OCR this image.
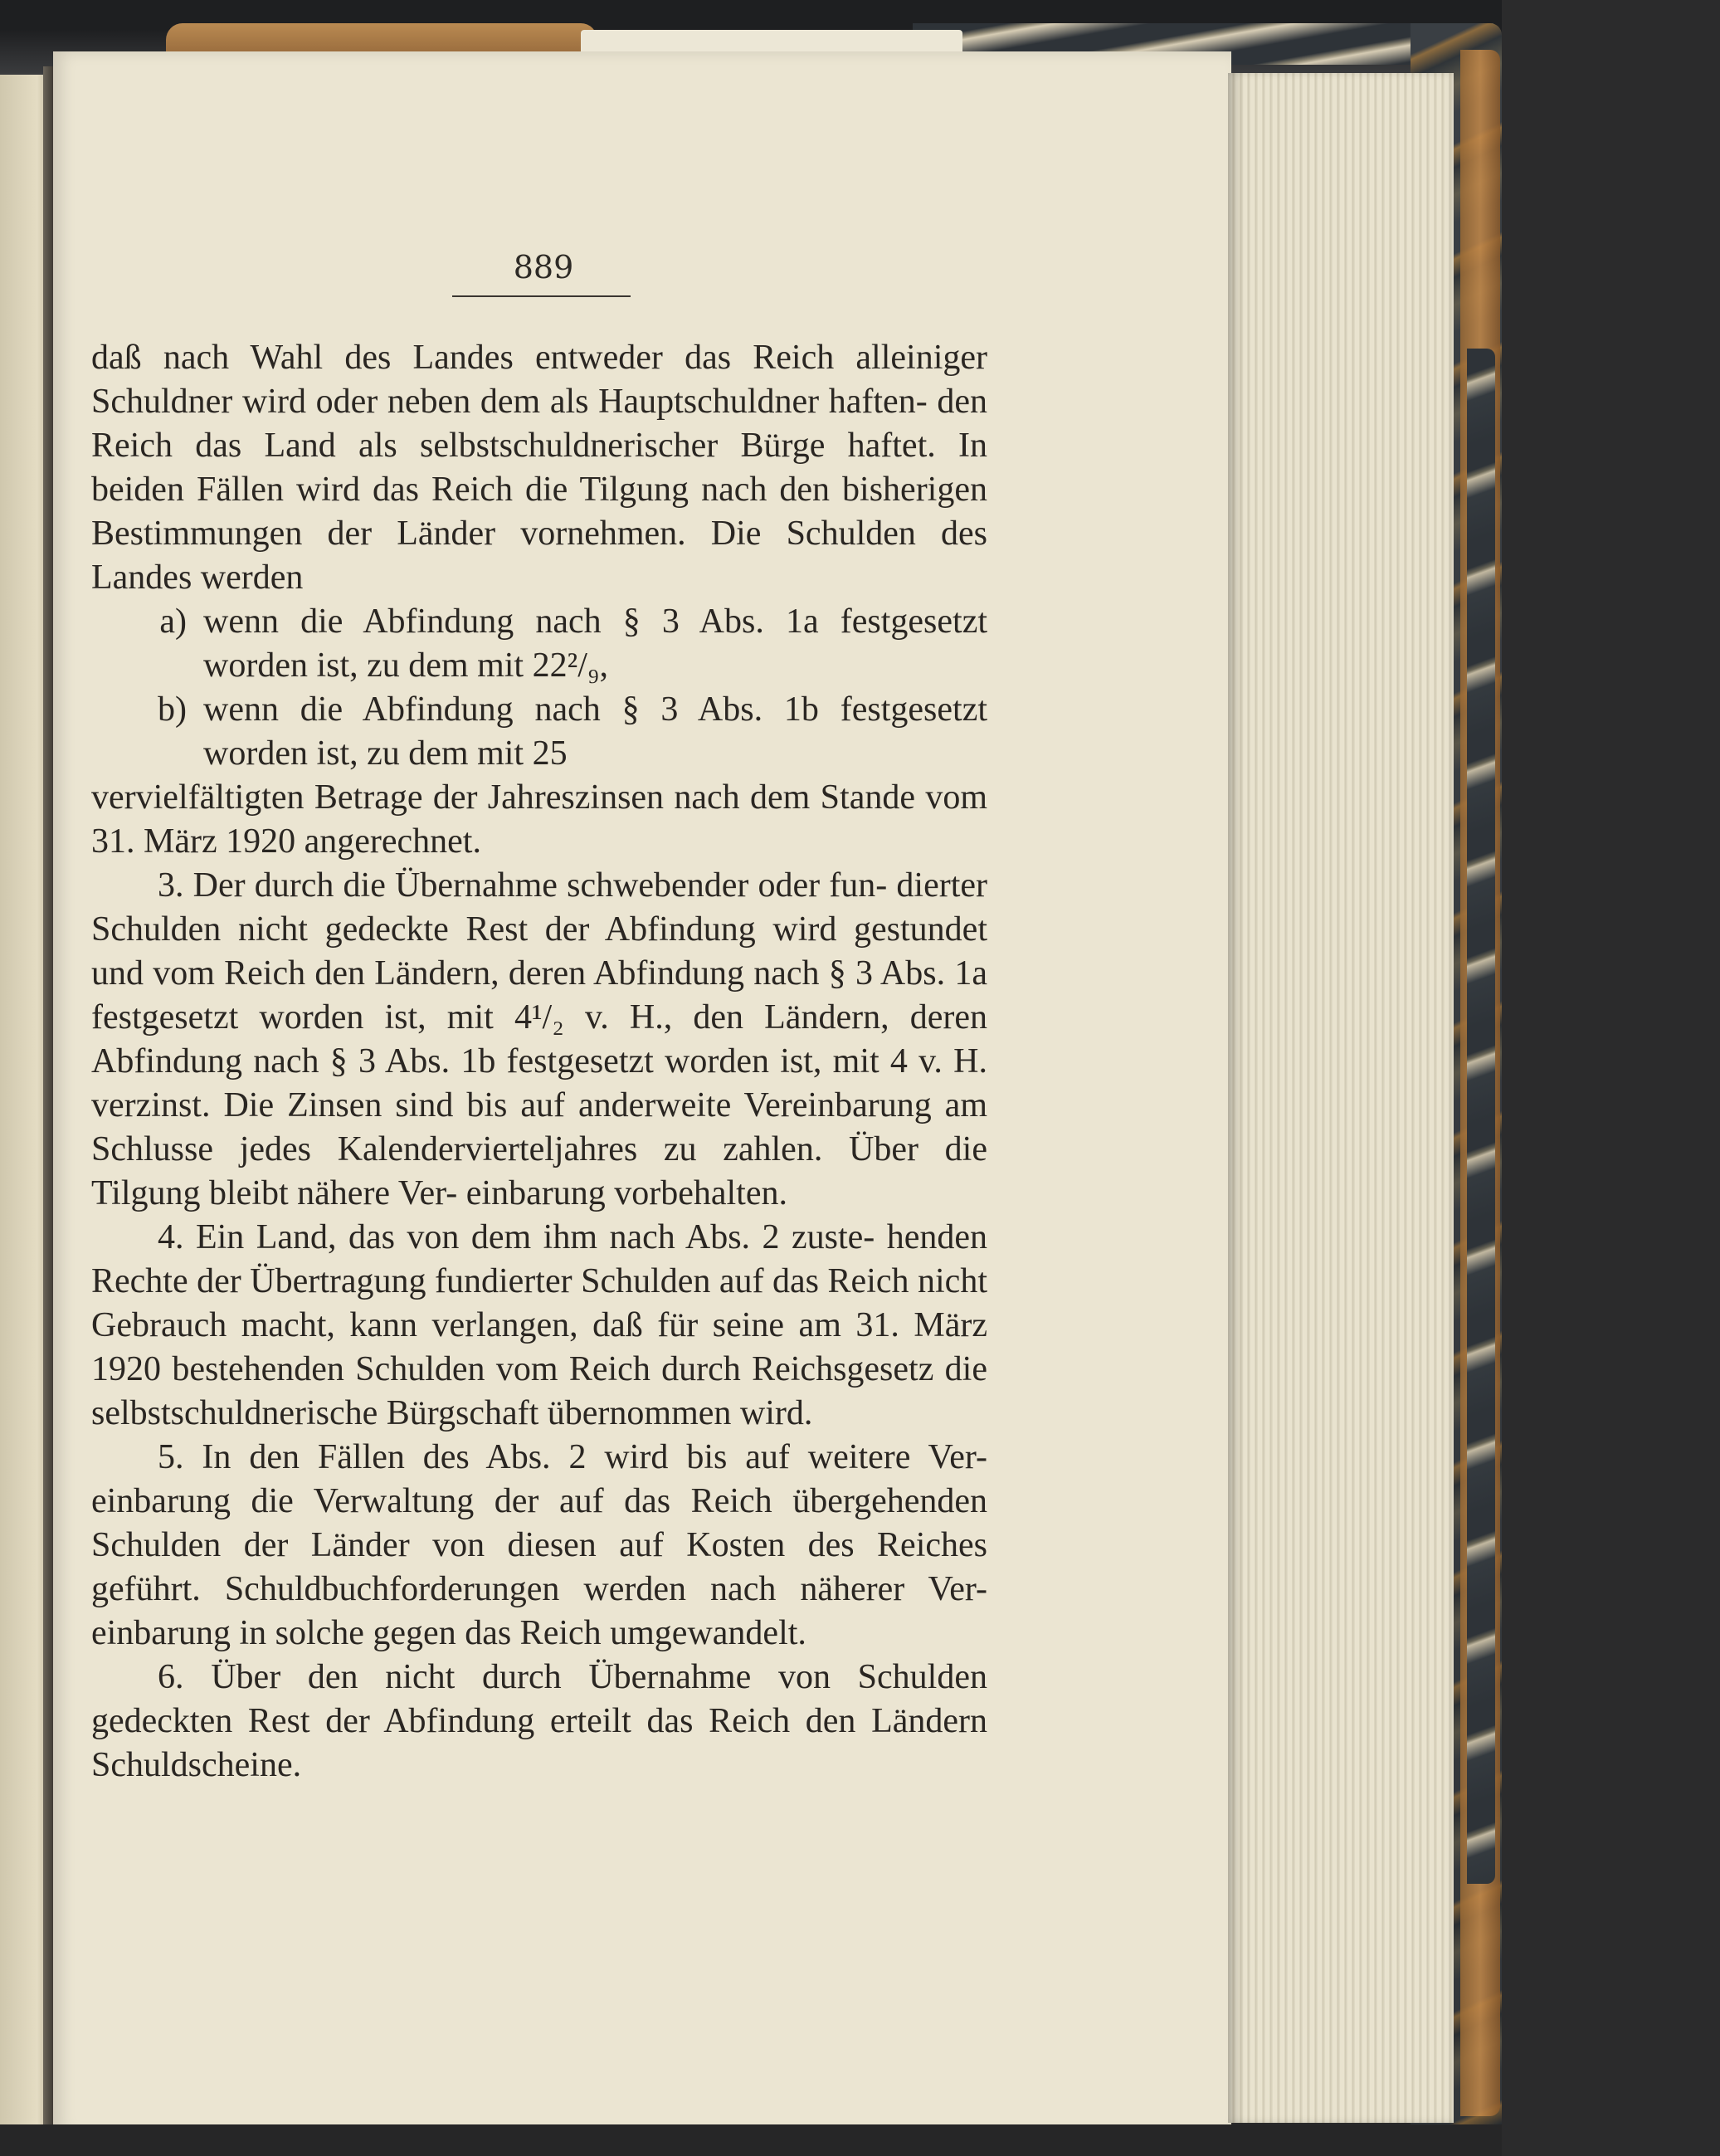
889

daß nach Wahl des Landes entweder das Reich alleiniger Schuldner wird oder neben dem als Hauptschuldner haften- den Reich das Land als selbstschuldnerischer Bürge haftet. In beiden Fällen wird das Reich die Tilgung nach den bisherigen Bestimmungen der Länder vornehmen. Die Schulden des Landes werden

a) wenn die Abfindung nach § 3 Abs. 1a festgesetzt worden ist, zu dem mit 22²/₉,
b) wenn die Abfindung nach § 3 Abs. 1b festgesetzt worden ist, zu dem mit 25

vervielfältigten Betrage der Jahreszinsen nach dem Stande vom 31. März 1920 angerechnet.

3. Der durch die Übernahme schwebender oder fun- dierter Schulden nicht gedeckte Rest der Abfindung wird gestundet und vom Reich den Ländern, deren Abfindung nach § 3 Abs. 1a festgesetzt worden ist, mit 4¹/₂ v. H., den Ländern, deren Abfindung nach § 3 Abs. 1b festgesetzt worden ist, mit 4 v. H. verzinst. Die Zinsen sind bis auf anderweite Vereinbarung am Schlusse jedes Kalendervierteljahres zu zahlen. Über die Tilgung bleibt nähere Ver- einbarung vorbehalten.

4. Ein Land, das von dem ihm nach Abs. 2 zuste- henden Rechte der Übertragung fundierter Schulden auf das Reich nicht Gebrauch macht, kann verlangen, daß für seine am 31. März 1920 bestehenden Schulden vom Reich durch Reichsgesetz die selbstschuldnerische Bürgschaft übernommen wird.

5. In den Fällen des Abs. 2 wird bis auf weitere Ver- einbarung die Verwaltung der auf das Reich übergehenden Schulden der Länder von diesen auf Kosten des Reiches geführt. Schuldbuchforderungen werden nach näherer Ver- einbarung in solche gegen das Reich umgewandelt.

6. Über den nicht durch Übernahme von Schulden gedeckten Rest der Abfindung erteilt das Reich den Ländern Schuldscheine.
